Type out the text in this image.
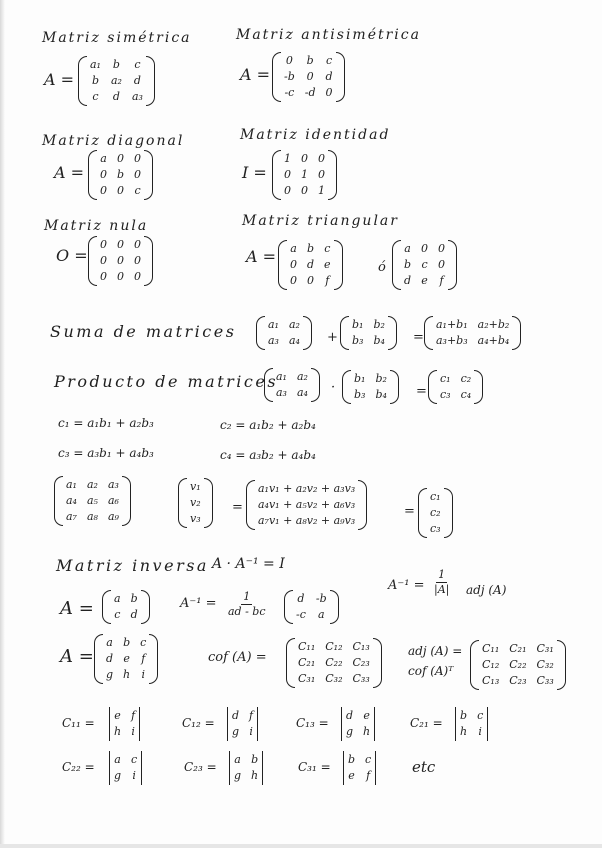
Matriz simétrica
A =
a₁ b c
b a₂ d
c d a₃
Matriz antisimétrica
A =
0 b c
-b 0 d
-c -d 0
Matriz diagonal
A =
a 0 0
0 b 0
0 0 c
Matriz identidad
I =
1 0 0
0 1 0
0 0 1
Matriz nula
O =
0 0 0
0 0 0
0 0 0
Matriz triangular
A = a b c
0 d e
0 0 f
ó
a 0 0
b c 0
d e f
Suma de matrices	a₁ a₂
a₃ a₄ +
b₁ b₂
b₃ b₄ =
a₁+b₁ a₂+b₂
a₃+b₃ a₄+b₄
Producto de matrices
a₁ a₂
a₃ a₄ ·
b₁ b₂
b₃ b₄ =
c₁ c₂
c₃ c₄
c₁ = a₁b₁ + a₂b₃	c₂ = a₁b₂ + a₂b₄
c₃ = a₃b₁ + a₄b₃	c₄ = a₃b₂ + a₄b₄
a₁ a₂ a₃
a₄ a₅ a₆
a₇ a₈ a₉
v₁
v₂
v₃
=
a₁v₁ + a₂v₂ + a₃v₃
a₄v₁ + a₅v₂ + a₆v₃
a₇v₁ + a₈v₂ + a₉v₃
=
c₁
c₂
c₃
Matriz inversa A · A⁻¹ = I
$A^{-1} = \frac{1}{|A|}$ adj (A)
A = a b
c d
$A^{-1} = \frac{1}{ad - bc}$	d -b
-c a
A =
a b c
d e f
g h i
cof (A) =
C₁₁ C₁₂ C₁₃
C₂₁ C₂₂ C₂₃
C₃₁ C₃₂ C₃₃
adj (A) =
cof (A)ᵀ
C₁₁ C₂₁ C₃₁
C₁₂ C₂₂ C₃₂
C₁₃ C₂₃ C₃₃
C₁₁ =
e f
h i
C₁₂ =
d f
g i
C₁₃ =
d e
g h
C₂₁ =
b c
h i
C₂₂ =
a c
g i
C₂₃ =
a b
g h
C₃₁ =
b c
e f	etc
